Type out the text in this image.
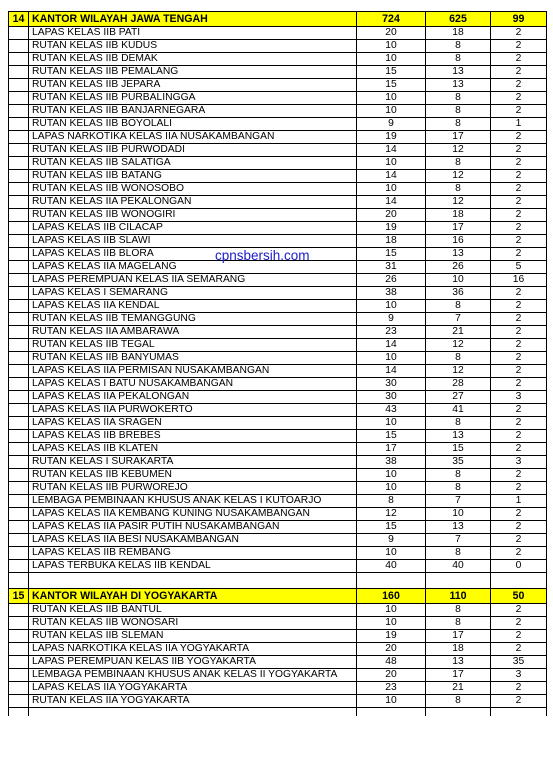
14	KANTOR WILAYAH JAWA TENGAH	724	625	99
	LAPAS KELAS IIB PATI	20	18	2
	RUTAN KELAS IIB KUDUS	10	8	2
	RUTAN KELAS IIB DEMAK	10	8	2
	RUTAN KELAS IIB PEMALANG	15	13	2
	RUTAN KELAS IIB JEPARA	15	13	2
	RUTAN KELAS IIB PURBALINGGA	10	8	2
	RUTAN KELAS IIB BANJARNEGARA	10	8	2
	RUTAN KELAS IIB BOYOLALI	9	8	1
	LAPAS NARKOTIKA KELAS IIA NUSAKAMBANGAN	19	17	2
	RUTAN KELAS IIB PURWODADI	14	12	2
	RUTAN KELAS IIB SALATIGA	10	8	2
	RUTAN KELAS IIB BATANG	14	12	2
	RUTAN KELAS IIB WONOSOBO	10	8	2
	RUTAN KELAS IIA PEKALONGAN	14	12	2
	RUTAN KELAS IIB WONOGIRI	20	18	2
	LAPAS KELAS IIB CILACAP	19	17	2
	LAPAS KELAS IIB SLAWI	18	16	2
	LAPAS KELAS IIB BLORA	15	13	2
	LAPAS KELAS IIA MAGELANG	31	26	5
	LAPAS PEREMPUAN KELAS IIA SEMARANG	26	10	16
	LAPAS KELAS I SEMARANG	38	36	2
	LAPAS KELAS IIA KENDAL	10	8	2
	RUTAN KELAS IIB TEMANGGUNG	9	7	2
	RUTAN KELAS IIA AMBARAWA	23	21	2
	RUTAN KELAS IIB TEGAL	14	12	2
	RUTAN KELAS IIB BANYUMAS	10	8	2
	LAPAS KELAS IIA PERMISAN NUSAKAMBANGAN	14	12	2
	LAPAS KELAS I BATU NUSAKAMBANGAN	30	28	2
	LAPAS KELAS IIA PEKALONGAN	30	27	3
	LAPAS KELAS IIA PURWOKERTO	43	41	2
	LAPAS KELAS IIA SRAGEN	10	8	2
	LAPAS KELAS IIB BREBES	15	13	2
	LAPAS KELAS IIB KLATEN	17	15	2
	RUTAN KELAS I SURAKARTA	38	35	3
	RUTAN KELAS IIB KEBUMEN	10	8	2
	RUTAN KELAS IIB PURWOREJO	10	8	2
	LEMBAGA PEMBINAAN KHUSUS ANAK KELAS I KUTOARJO	8	7	1
	LAPAS KELAS IIA KEMBANG KUNING NUSAKAMBANGAN	12	10	2
	LAPAS KELAS IIA PASIR PUTIH NUSAKAMBANGAN	15	13	2
	LAPAS KELAS IIA BESI NUSAKAMBANGAN	9	7	2
	LAPAS KELAS IIB REMBANG	10	8	2
	LAPAS TERBUKA KELAS IIB KENDAL	40	40	0

15	KANTOR WILAYAH DI YOGYAKARTA	160	110	50
	RUTAN KELAS IIB BANTUL	10	8	2
	RUTAN KELAS IIB WONOSARI	10	8	2
	RUTAN KELAS IIB SLEMAN	19	17	2
	LAPAS NARKOTIKA KELAS IIA YOGYAKARTA	20	18	2
	LAPAS PEREMPUAN KELAS IIB YOGYAKARTA	48	13	35
	LEMBAGA PEMBINAAN KHUSUS ANAK KELAS II YOGYAKARTA	20	17	3
	LAPAS KELAS IIA YOGYAKARTA	23	21	2
	RUTAN KELAS IIA YOGYAKARTA	10	8	2

cpnsbersih.com
